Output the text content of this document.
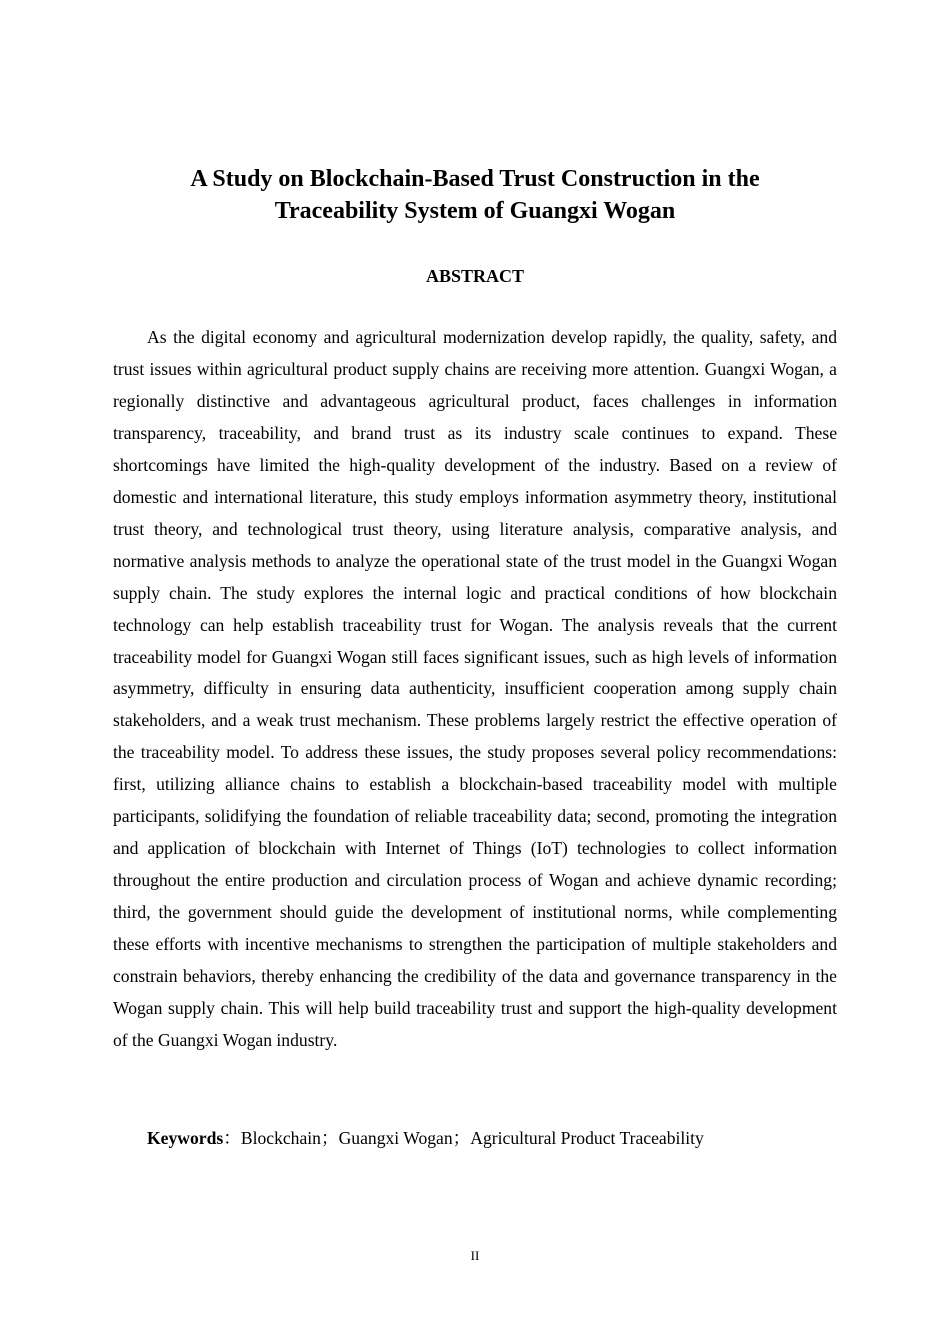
A Study on Blockchain-Based Trust Construction in the
Traceability System of Guangxi Wogan
ABSTRACT

As the digital economy and agricultural modernization develop rapidly, the quality, safety, and trust issues within agricultural product supply chains are receiving more attention. Guangxi Wogan, a regionally distinctive and advantageous agricultural product, faces challenges in information transparency, traceability, and brand trust as its industry scale continues to expand. These shortcomings have limited the high-quality development of the industry. Based on a review of domestic and international literature, this study employs information asymmetry theory, institutional trust theory, and technological trust theory, using literature analysis, comparative analysis, and normative analysis methods to analyze the operational state of the trust model in the Guangxi Wogan supply chain. The study explores the internal logic and practical conditions of how blockchain technology can help establish traceability trust for Wogan. The analysis reveals that the current traceability model for Guangxi Wogan still faces significant issues, such as high levels of information asymmetry, difficulty in ensuring data authenticity, insufficient cooperation among supply chain stakeholders, and a weak trust mechanism. These problems largely restrict the effective operation of the traceability model. To address these issues, the study proposes several policy recommendations: first, utilizing alliance chains to establish a blockchain-based traceability model with multiple participants, solidifying the foundation of reliable traceability data; second, promoting the integration and application of blockchain with Internet of Things (IoT) technologies to collect information throughout the entire production and circulation process of Wogan and achieve dynamic recording; third, the government should guide the development of institutional norms, while complementing these efforts with incentive mechanisms to strengthen the participation of multiple stakeholders and constrain behaviors, thereby enhancing the credibility of the data and governance transparency in the Wogan supply chain. This will help build traceability trust and support the high-quality development of the Guangxi Wogan industry.

Keywords：Blockchain；Guangxi Wogan；Agricultural Product Traceability

II
